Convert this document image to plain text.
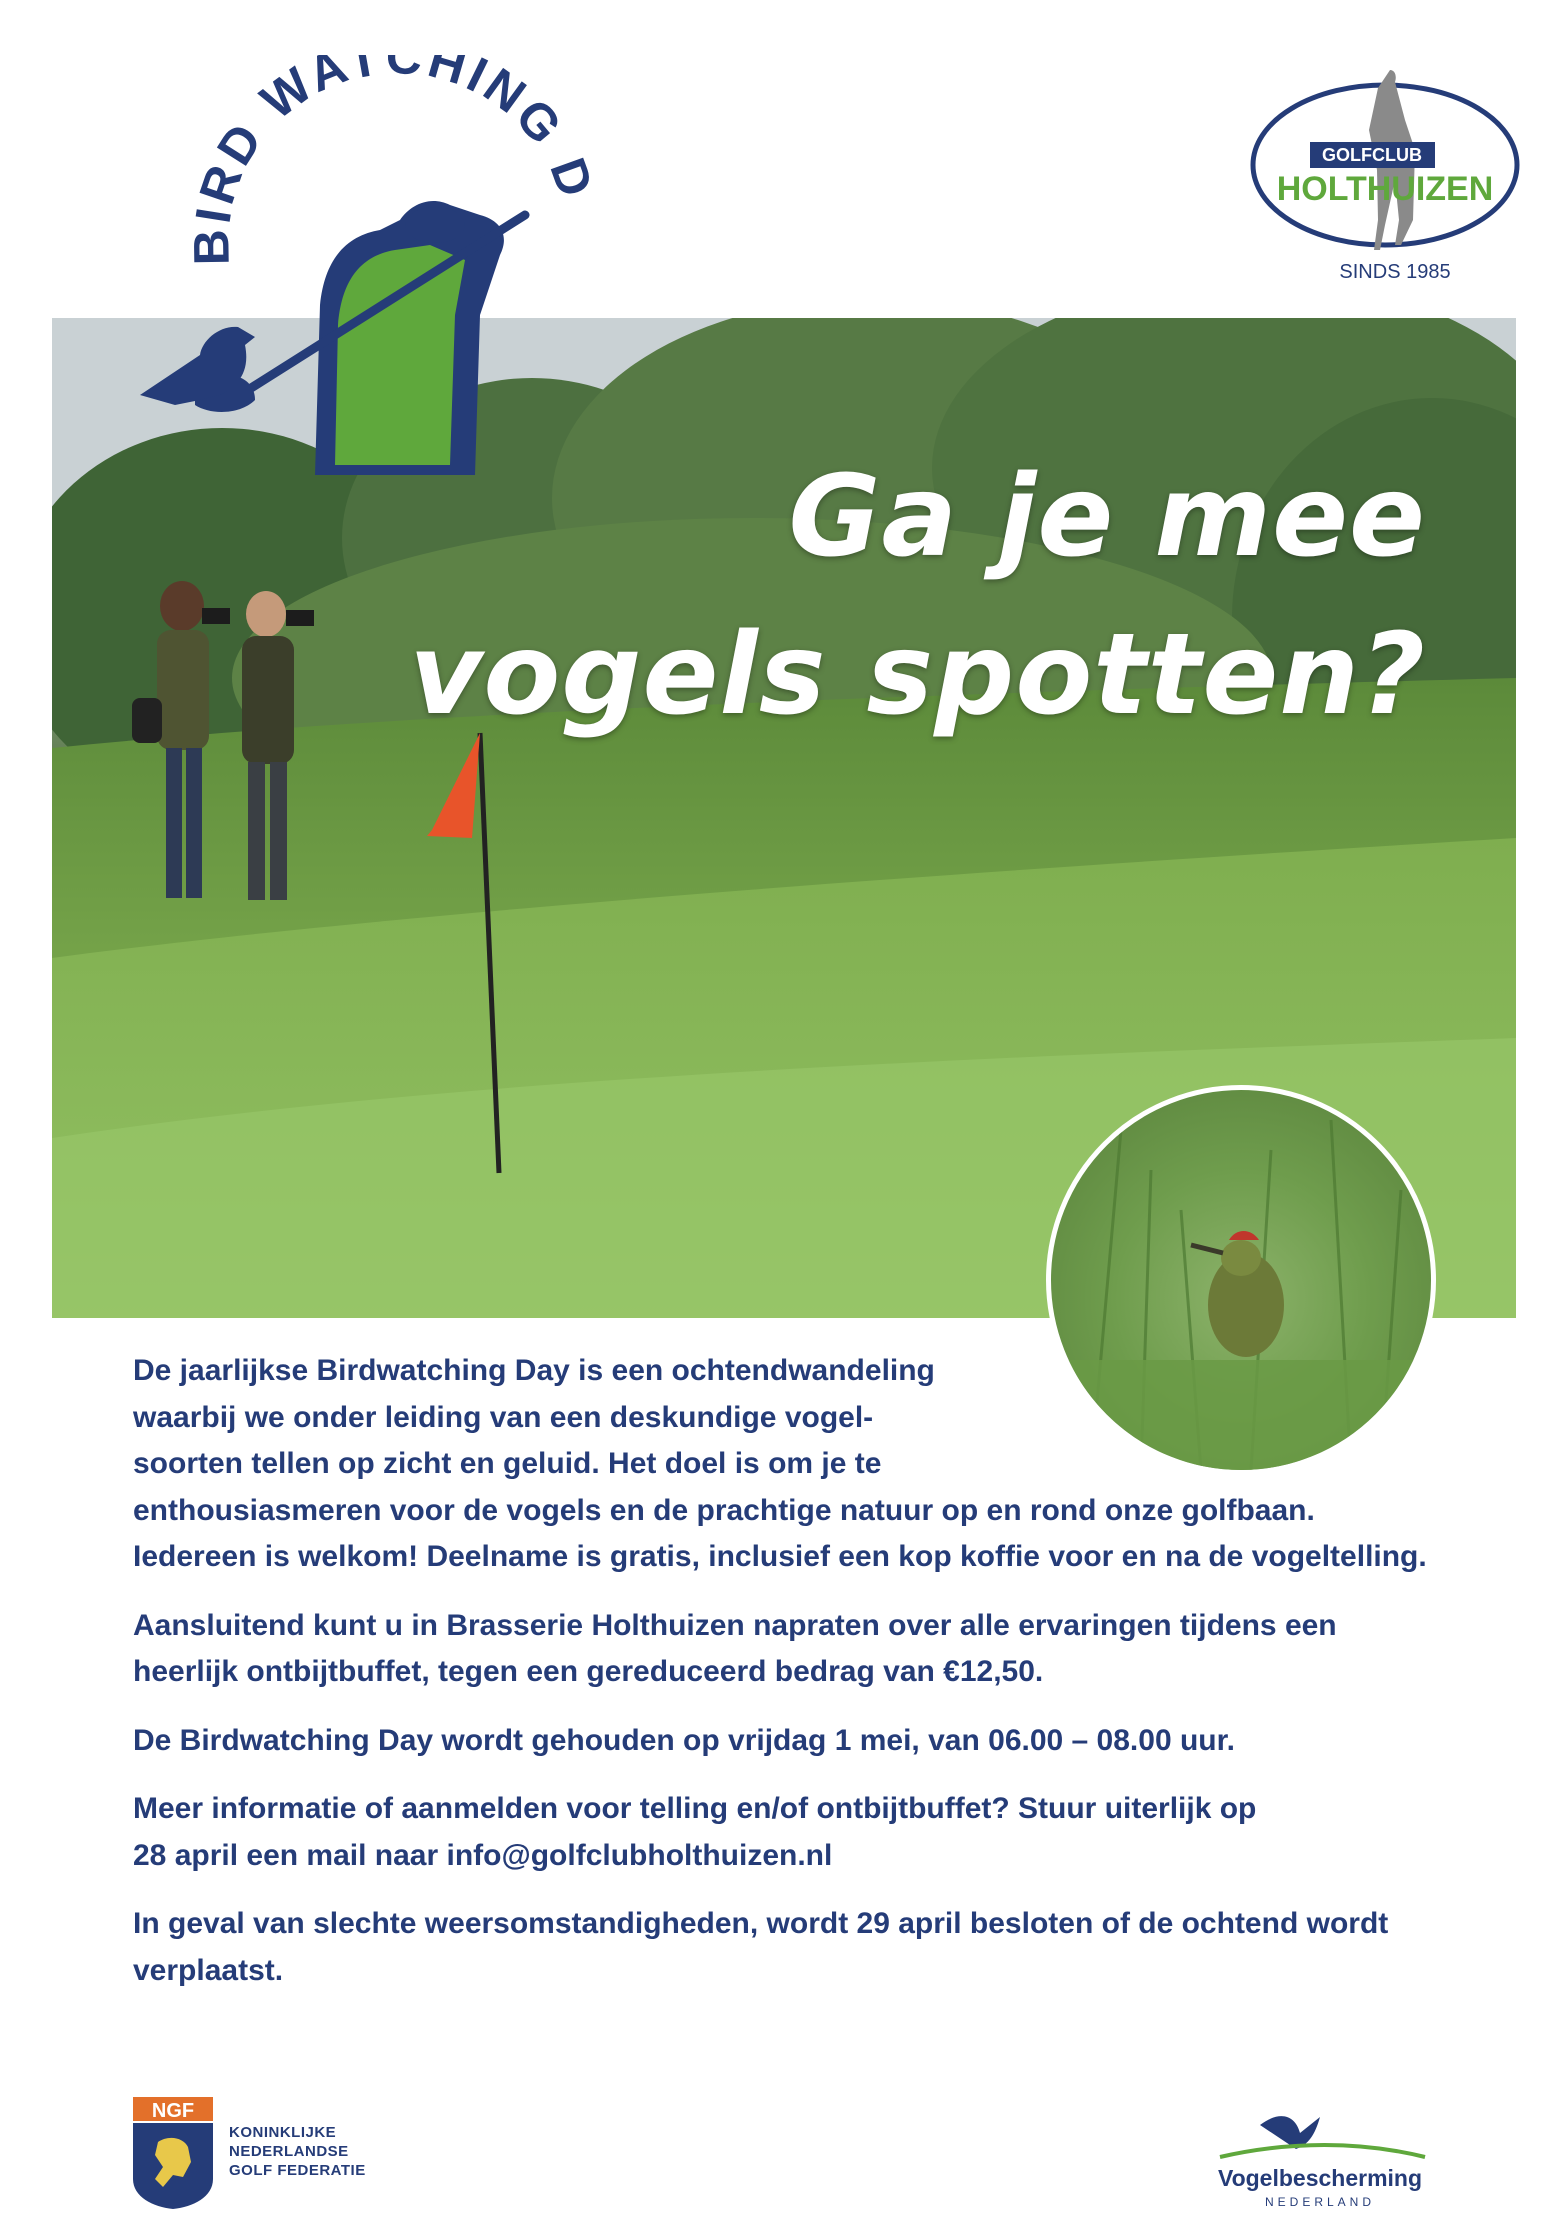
Ga je mee
vogels spotten?
BIRD WATCHING D	GOLFCLUB
HOLTHUIZEN
SINDS 1985

De jaarlijkse Birdwatching Day is een ochtendwandeling
waarbij we onder leiding van een deskundige vogel-
soorten tellen op zicht en geluid. Het doel is om je te
enthousiasmeren voor de vogels en de prachtige natuur op en rond onze golfbaan. Iedereen is welkom! Deelname is gratis, inclusief een kop koffie voor en na de vogeltelling.

Aansluitend kunt u in Brasserie Holthuizen napraten over alle ervaringen tijdens een heerlijk ontbijtbuffet, tegen een gereduceerd bedrag van €12,50.

De Birdwatching Day wordt gehouden op vrijdag 1 mei, van 06.00 – 08.00 uur.

Meer informatie of aanmelden voor telling en/of ontbijtbuffet? Stuur uiterlijk op
28 april een mail naar info@golfclubholthuizen.nl

In geval van slechte weersomstandigheden, wordt 29 april besloten of de ochtend wordt verplaatst.

NGF
KONINKLIJKE
NEDERLANDSE
GOLF FEDERATIE	Vogelbescherming
NEDERLAND
